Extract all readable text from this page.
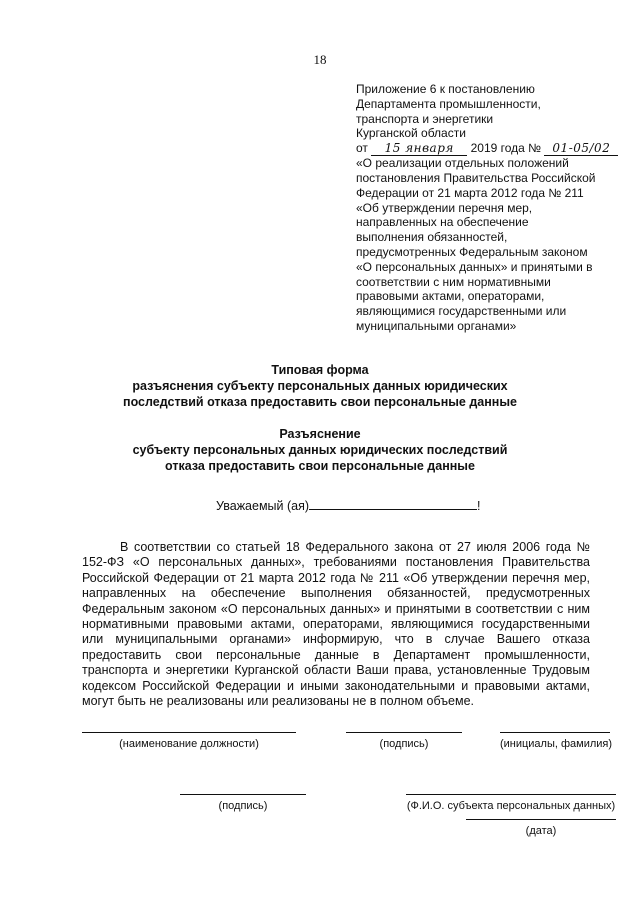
18
Приложение 6 к постановлению
Департамента промышленности,
транспорта и энергетики
Курганской области
от 15 января 2019 года № 01-05/02
«О реализации отдельных положений
постановления Правительства Российской
Федерации от 21 марта 2012 года № 211
«Об утверждении перечня мер,
направленных на обеспечение
выполнения обязанностей,
предусмотренных Федеральным законом
«О персональных данных» и принятыми в
соответствии с ним нормативными
правовыми актами, операторами,
являющимися государственными или
муниципальными органами»
Типовая форма
разъяснения субъекту персональных данных юридических
последствий отказа предоставить свои персональные данные
Разъяснение
субъекту персональных данных юридических последствий
отказа предоставить свои персональные данные
Уважаемый (ая)	!
В соответствии со статьей 18 Федерального закона от 27 июля 2006 года № 152-ФЗ «О персональных данных», требованиями постановления Правительства Российской Федерации от 21 марта 2012 года № 211 «Об утверждении перечня мер, направленных на обеспечение выполнения обязанностей, предусмотренных Федеральным законом «О персональных данных» и принятыми в соответствии с ним нормативными правовыми актами, операторами, являющимися государственными или муниципальными органами» информирую, что в случае Вашего отказа предоставить свои персональные данные в Департамент промышленности, транспорта и энергетики Курганской области Ваши права, установленные Трудовым кодексом Российской Федерации и иными законодательными и правовыми актами, могут быть не реализованы или реализованы не в полном объеме.
(наименование должности)	(подпись)	(инициалы, фамилия)
(подпись)	(Ф.И.О. субъекта персональных данных)
(дата)
